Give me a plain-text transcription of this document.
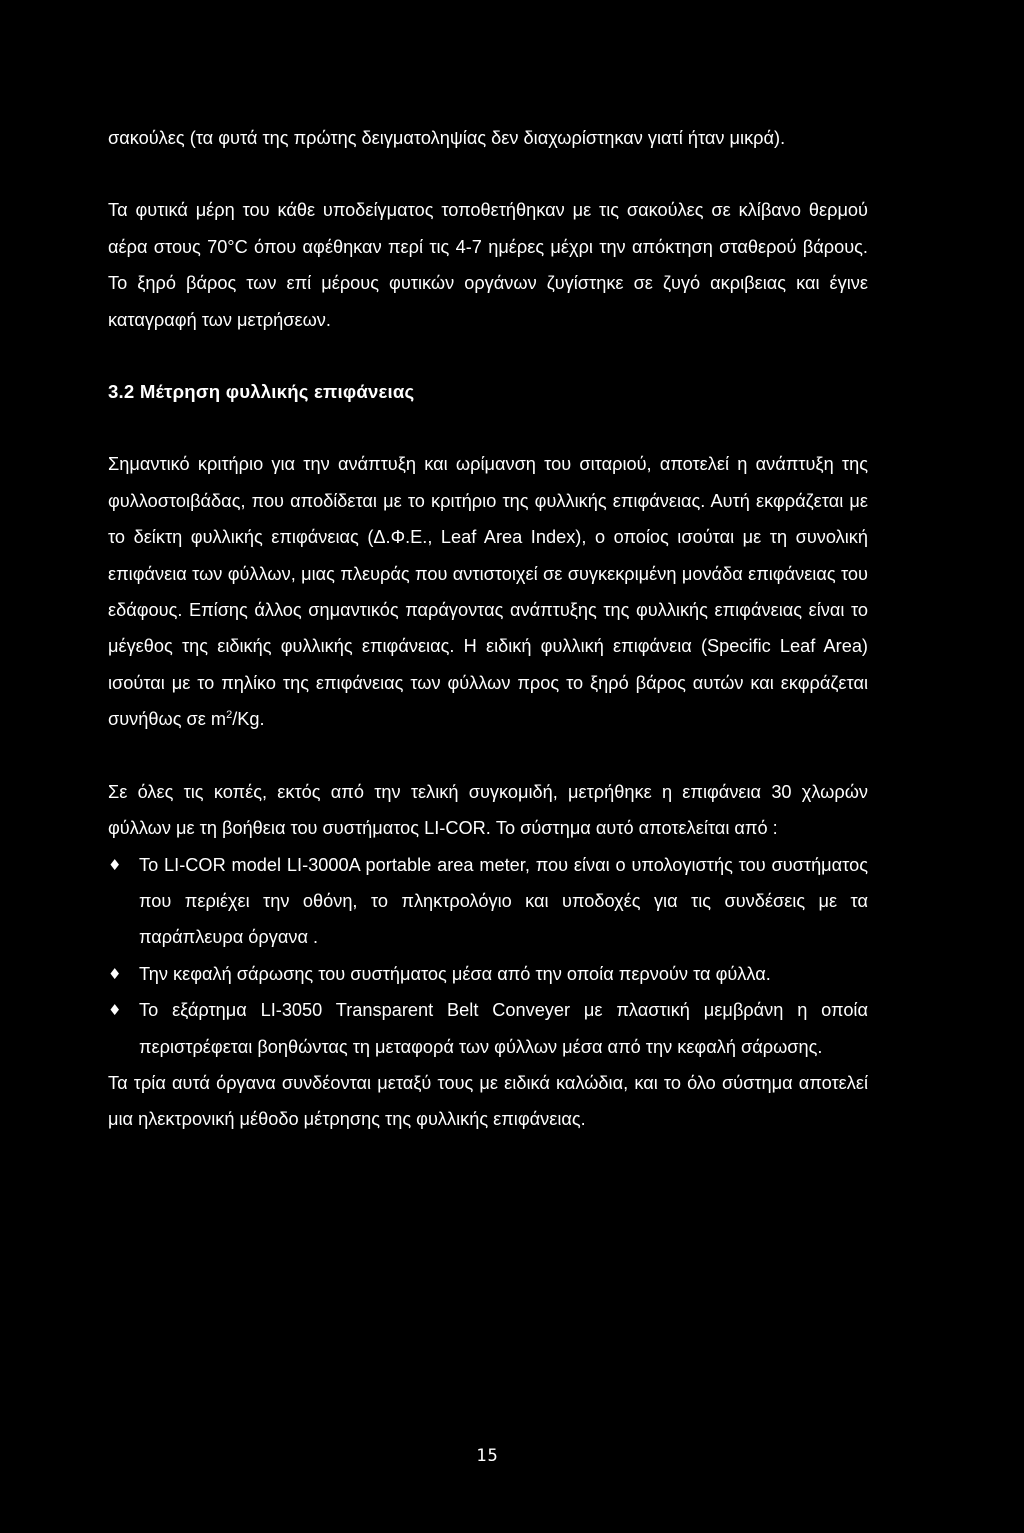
σακούλες (τα φυτά της πρώτης δειγματοληψίας δεν διαχωρίστηκαν γιατί ήταν μικρά).

Τα φυτικά μέρη του κάθε υποδείγματος τοποθετήθηκαν με τις σακούλες σε κλίβανο θερμού αέρα στους 70°C όπου αφέθηκαν περί τις 4-7 ημέρες μέχρι την απόκτηση σταθερού βάρους. Το ξηρό βάρος των επί μέρους φυτικών οργάνων ζυγίστηκε σε ζυγό ακριβειας και έγινε καταγραφή των μετρήσεων.

3.2 Μέτρηση φυλλικής επιφάνειας

Σημαντικό κριτήριο για την ανάπτυξη και ωρίμανση του σιταριού, αποτελεί η ανάπτυξη της φυλλοστοιβάδας, που αποδίδεται με το κριτήριο της φυλλικής επιφάνειας. Αυτή εκφράζεται με το δείκτη φυλλικής επιφάνειας (Δ.Φ.Ε., Leaf Area Index), ο οποίος ισούται με τη συνολική επιφάνεια των φύλλων, μιας πλευράς που αντιστοιχεί σε συγκεκριμένη μονάδα επιφάνειας του εδάφους. Επίσης άλλος σημαντικός παράγοντας ανάπτυξης της φυλλικής επιφάνειας είναι το μέγεθος της ειδικής φυλλικής επιφάνειας. Η ειδική φυλλική επιφάνεια (Specific Leaf Area) ισούται με το πηλίκο της επιφάνειας των φύλλων προς το ξηρό βάρος αυτών και εκφράζεται συνήθως σε $m^2/Kg$.

Σε όλες τις κοπές, εκτός από την τελική συγκομιδή, μετρήθηκε η επιφάνεια 30 χλωρών φύλλων με τη βοήθεια του συστήματος LI-COR. Το σύστημα αυτό αποτελείται από :

♦ Το LI-COR model LI-3000A portable area meter, που είναι ο υπολογιστής του συστήματος που περιέχει την οθόνη, το πληκτρολόγιο και υποδοχές για τις συνδέσεις με τα παράπλευρα όργανα .
♦ Την κεφαλή σάρωσης του συστήματος μέσα από την οποία περνούν τα φύλλα.
♦ Το εξάρτημα LI-3050 Transparent Belt Conveyer με πλαστική μεμβράνη η οποία περιστρέφεται βοηθώντας τη μεταφορά των φύλλων μέσα από την κεφαλή σάρωσης.

Τα τρία αυτά όργανα συνδέονται μεταξύ τους με ειδικά καλώδια, και το όλο σύστημα αποτελεί μια ηλεκτρονική μέθοδο μέτρησης της φυλλικής επιφάνειας.

15
